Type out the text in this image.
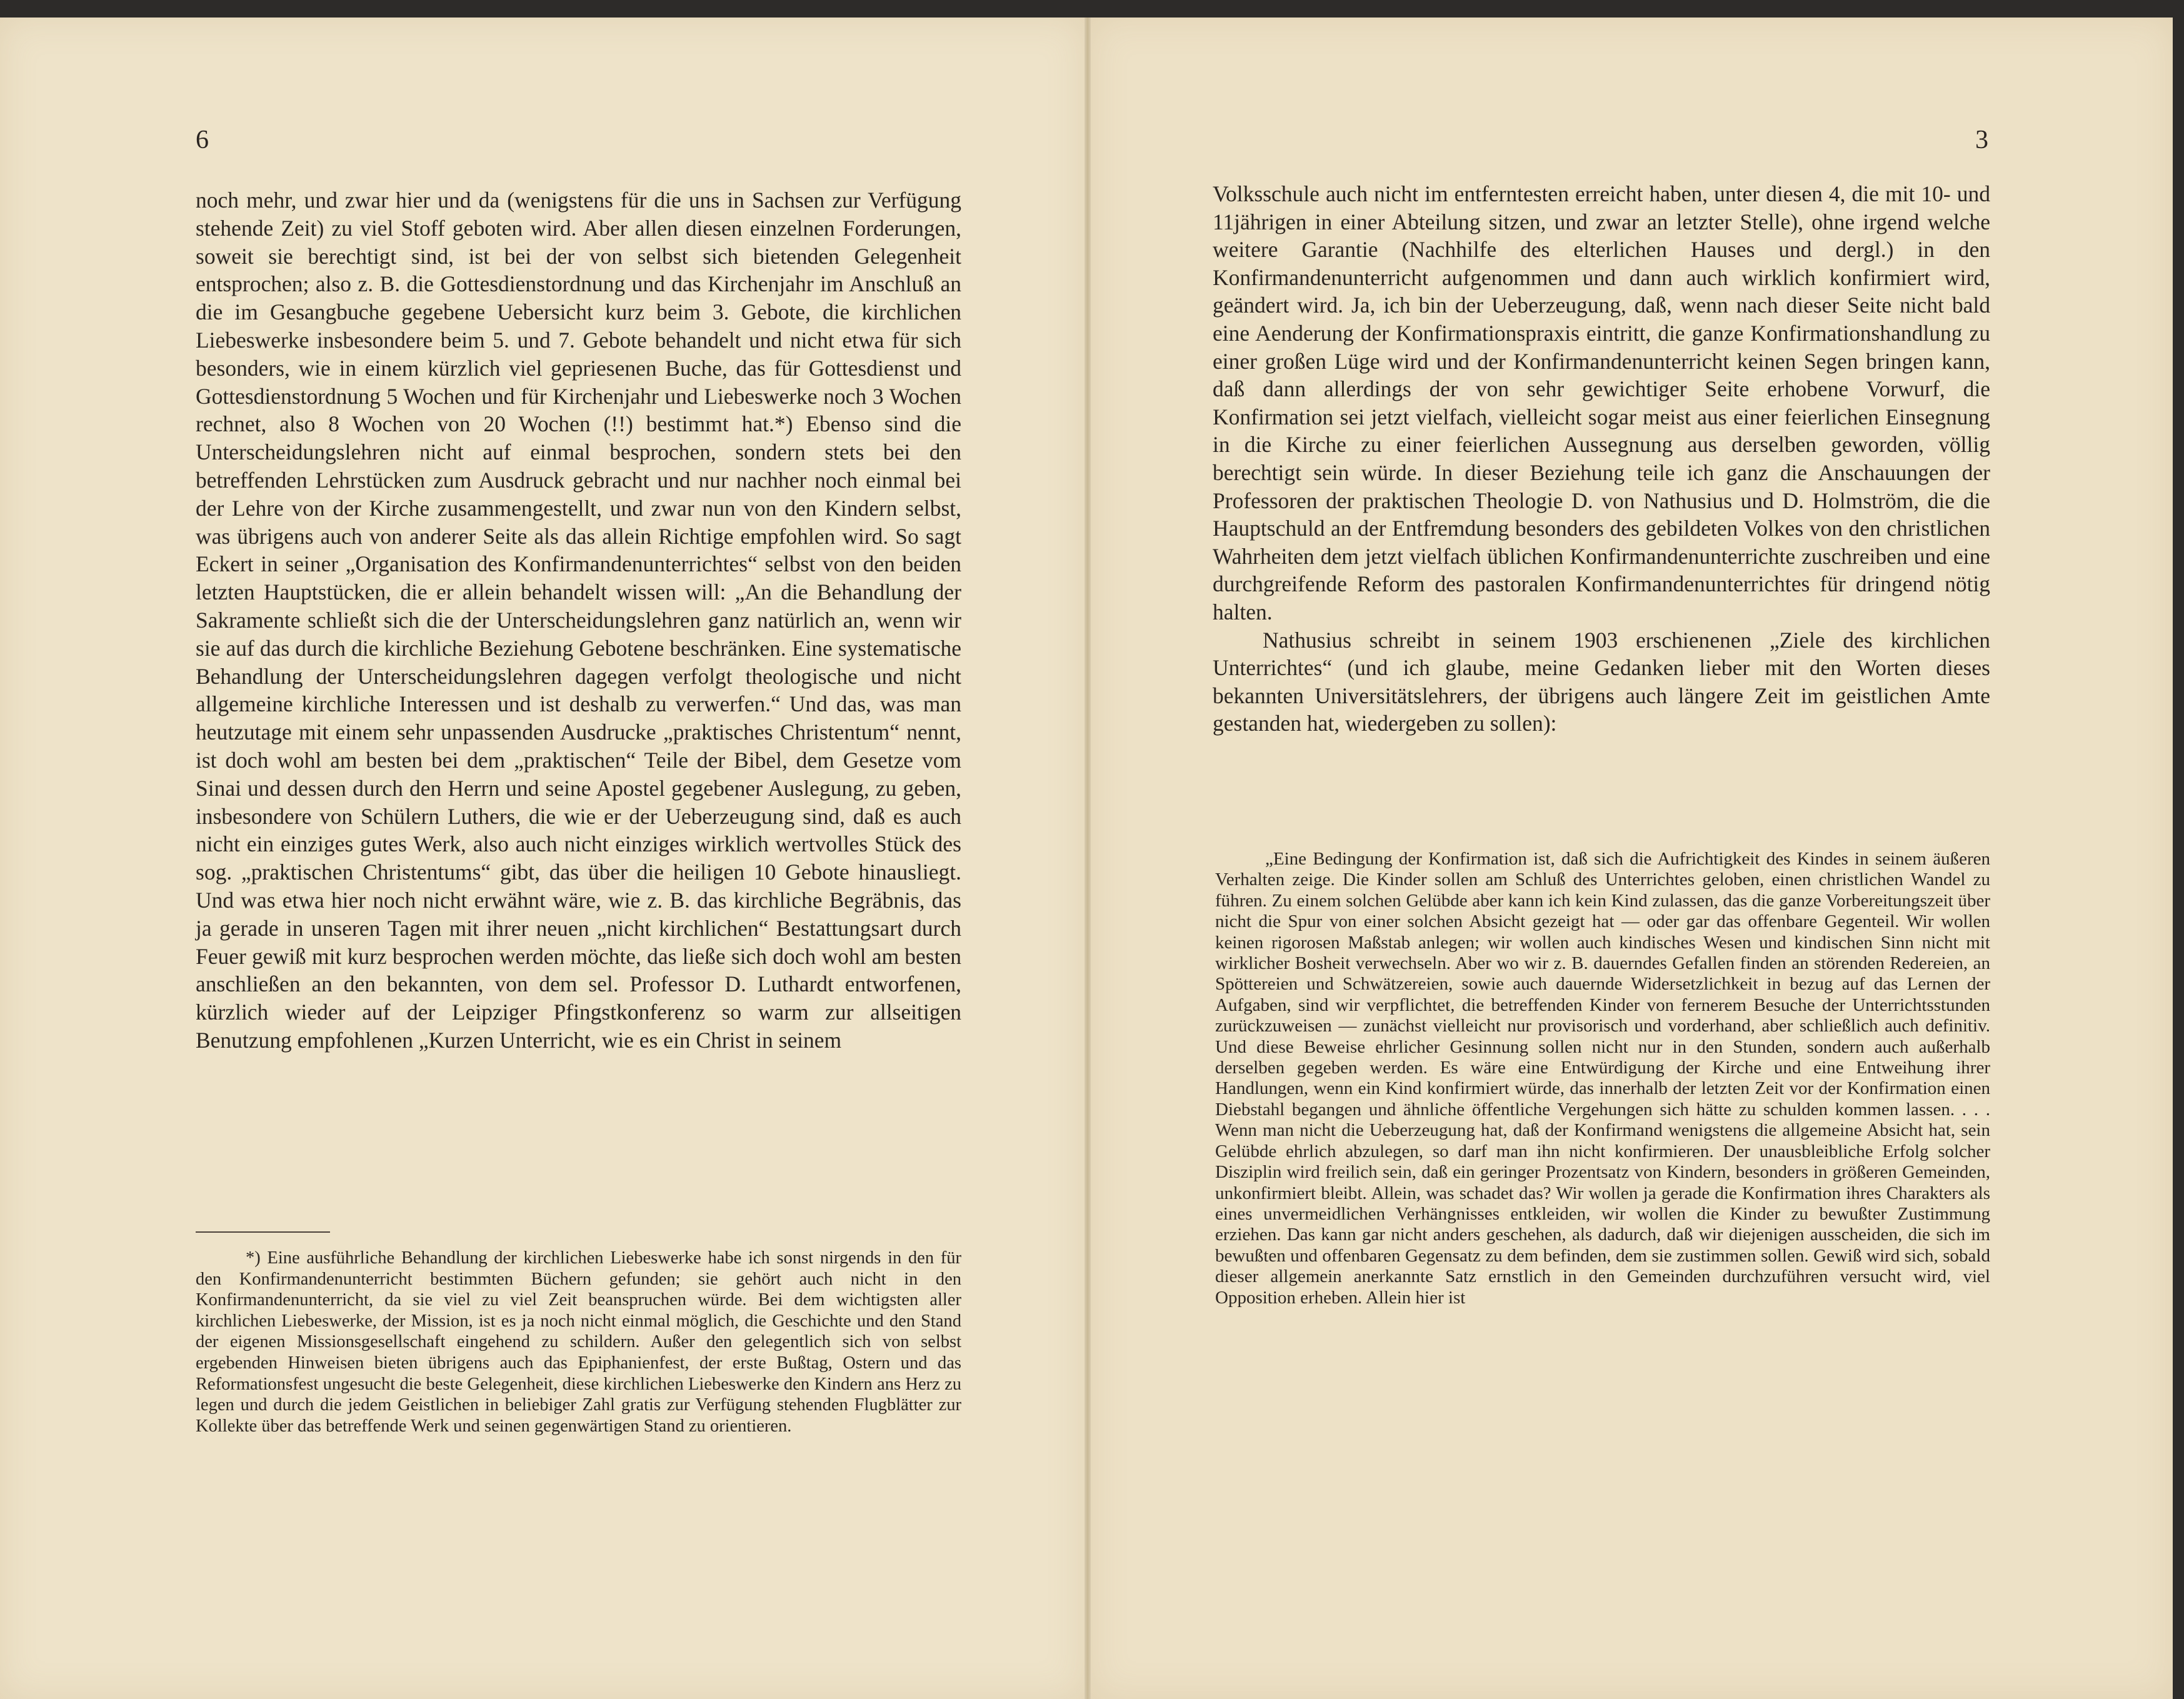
6

noch mehr, und zwar hier und da (wenigstens für die uns in Sachsen zur Verfügung stehende Zeit) zu viel Stoff geboten wird. Aber allen diesen einzelnen Forderungen, soweit sie berechtigt sind, ist bei der von selbst sich bietenden Gelegenheit entsprochen; also z. B. die Gottesdienstordnung und das Kirchenjahr im Anschluß an die im Gesangbuche gegebene Uebersicht kurz beim 3. Gebote, die kirchlichen Liebeswerke insbesondere beim 5. und 7. Gebote behandelt und nicht etwa für sich besonders, wie in einem kürzlich viel gepriesenen Buche, das für Gottesdienst und Gottesdienstordnung 5 Wochen und für Kirchenjahr und Liebeswerke noch 3 Wochen rechnet, also 8 Wochen von 20 Wochen (!!) bestimmt hat.*) Ebenso sind die Unterscheidungslehren nicht auf einmal besprochen, sondern stets bei den betreffenden Lehrstücken zum Ausdruck gebracht und nur nachher noch einmal bei der Lehre von der Kirche zusammengestellt, und zwar nun von den Kindern selbst, was übrigens auch von anderer Seite als das allein Richtige empfohlen wird. So sagt Eckert in seiner „Organisation des Konfirmandenunterrichtes“ selbst von den beiden letzten Hauptstücken, die er allein behandelt wissen will: „An die Behandlung der Sakramente schließt sich die der Unterscheidungslehren ganz natürlich an, wenn wir sie auf das durch die kirchliche Beziehung Gebotene beschränken. Eine systematische Behandlung der Unterscheidungslehren dagegen verfolgt theologische und nicht allgemeine kirchliche Interessen und ist deshalb zu verwerfen.“ Und das, was man heutzutage mit einem sehr unpassenden Ausdrucke „praktisches Christentum“ nennt, ist doch wohl am besten bei dem „praktischen“ Teile der Bibel, dem Gesetze vom Sinai und dessen durch den Herrn und seine Apostel gegebener Auslegung, zu geben, insbesondere von Schülern Luthers, die wie er der Ueberzeugung sind, daß es auch nicht ein einziges gutes Werk, also auch nicht einziges wirklich wertvolles Stück des sog. „praktischen Christentums“ gibt, das über die heiligen 10 Gebote hinausliegt. Und was etwa hier noch nicht erwähnt wäre, wie z. B. das kirchliche Begräbnis, das ja gerade in unseren Tagen mit ihrer neuen „nicht kirchlichen“ Bestattungsart durch Feuer gewiß mit kurz besprochen werden möchte, das ließe sich doch wohl am besten anschließen an den bekannten, von dem sel. Professor D. Luthardt entworfenen, kürzlich wieder auf der Leipziger Pfingstkonferenz so warm zur allseitigen Benutzung empfohlenen „Kurzen Unterricht, wie es ein Christ in seinem

*) Eine ausführliche Behandlung der kirchlichen Liebeswerke habe ich sonst nirgends in den für den Konfirmandenunterricht bestimmten Büchern gefunden; sie gehört auch nicht in den Konfirmandenunterricht, da sie viel zu viel Zeit beanspruchen würde. Bei dem wichtigsten aller kirchlichen Liebeswerke, der Mission, ist es ja noch nicht einmal möglich, die Geschichte und den Stand der eigenen Missionsgesellschaft eingehend zu schildern. Außer den gelegentlich sich von selbst ergebenden Hinweisen bieten übrigens auch das Epiphanienfest, der erste Bußtag, Ostern und das Reformationsfest ungesucht die beste Gelegenheit, diese kirchlichen Liebeswerke den Kindern ans Herz zu legen und durch die jedem Geistlichen in beliebiger Zahl gratis zur Verfügung stehenden Flugblätter zur Kollekte über das betreffende Werk und seinen gegenwärtigen Stand zu orientieren.

3

Volksschule auch nicht im entferntesten erreicht haben, unter diesen 4, die mit 10- und 11jährigen in einer Abteilung sitzen, und zwar an letzter Stelle), ohne irgend welche weitere Garantie (Nachhilfe des elterlichen Hauses und dergl.) in den Konfirmandenunterricht aufgenommen und dann auch wirklich konfirmiert wird, geändert wird. Ja, ich bin der Ueberzeugung, daß, wenn nach dieser Seite nicht bald eine Aenderung der Konfirmationspraxis eintritt, die ganze Konfirmationshandlung zu einer großen Lüge wird und der Konfirmandenunterricht keinen Segen bringen kann, daß dann allerdings der von sehr gewichtiger Seite erhobene Vorwurf, die Konfirmation sei jetzt vielfach, vielleicht sogar meist aus einer feierlichen Einsegnung in die Kirche zu einer feierlichen Aussegnung aus derselben geworden, völlig berechtigt sein würde. In dieser Beziehung teile ich ganz die Anschauungen der Professoren der praktischen Theologie D. von Nathusius und D. Holmström, die die Hauptschuld an der Entfremdung besonders des gebildeten Volkes von den christlichen Wahrheiten dem jetzt vielfach üblichen Konfirmandenunterrichte zuschreiben und eine durchgreifende Reform des pastoralen Konfirmandenunterrichtes für dringend nötig halten.

Nathusius schreibt in seinem 1903 erschienenen „Ziele des kirchlichen Unterrichtes“ (und ich glaube, meine Gedanken lieber mit den Worten dieses bekannten Universitätslehrers, der übrigens auch längere Zeit im geistlichen Amte gestanden hat, wiedergeben zu sollen):

„Eine Bedingung der Konfirmation ist, daß sich die Aufrichtigkeit des Kindes in seinem äußeren Verhalten zeige. Die Kinder sollen am Schluß des Unterrichtes geloben, einen christlichen Wandel zu führen. Zu einem solchen Gelübde aber kann ich kein Kind zulassen, das die ganze Vorbereitungszeit über nicht die Spur von einer solchen Absicht gezeigt hat — oder gar das offenbare Gegenteil. Wir wollen keinen rigorosen Maßstab anlegen; wir wollen auch kindisches Wesen und kindischen Sinn nicht mit wirklicher Bosheit verwechseln. Aber wo wir z. B. dauerndes Gefallen finden an störenden Redereien, an Spöttereien und Schwätzereien, sowie auch dauernde Widersetzlichkeit in bezug auf das Lernen der Aufgaben, sind wir verpflichtet, die betreffenden Kinder von fernerem Besuche der Unterrichtsstunden zurückzuweisen — zunächst vielleicht nur provisorisch und vorderhand, aber schließlich auch definitiv. Und diese Beweise ehrlicher Gesinnung sollen nicht nur in den Stunden, sondern auch außerhalb derselben gegeben werden. Es wäre eine Entwürdigung der Kirche und eine Entweihung ihrer Handlungen, wenn ein Kind konfirmiert würde, das innerhalb der letzten Zeit vor der Konfirmation einen Diebstahl begangen und ähnliche öffentliche Vergehungen sich hätte zu schulden kommen lassen. . . . Wenn man nicht die Ueberzeugung hat, daß der Konfirmand wenigstens die allgemeine Absicht hat, sein Gelübde ehrlich abzulegen, so darf man ihn nicht konfirmieren. Der unausbleibliche Erfolg solcher Disziplin wird freilich sein, daß ein geringer Prozentsatz von Kindern, besonders in größeren Gemeinden, unkonfirmiert bleibt. Allein, was schadet das? Wir wollen ja gerade die Konfirmation ihres Charakters als eines unvermeidlichen Verhängnisses entkleiden, wir wollen die Kinder zu bewußter Zustimmung erziehen. Das kann gar nicht anders geschehen, als dadurch, daß wir diejenigen ausscheiden, die sich im bewußten und offenbaren Gegensatz zu dem befinden, dem sie zustimmen sollen. Gewiß wird sich, sobald dieser allgemein anerkannte Satz ernstlich in den Gemeinden durchzuführen versucht wird, viel Opposition erheben. Allein hier ist
